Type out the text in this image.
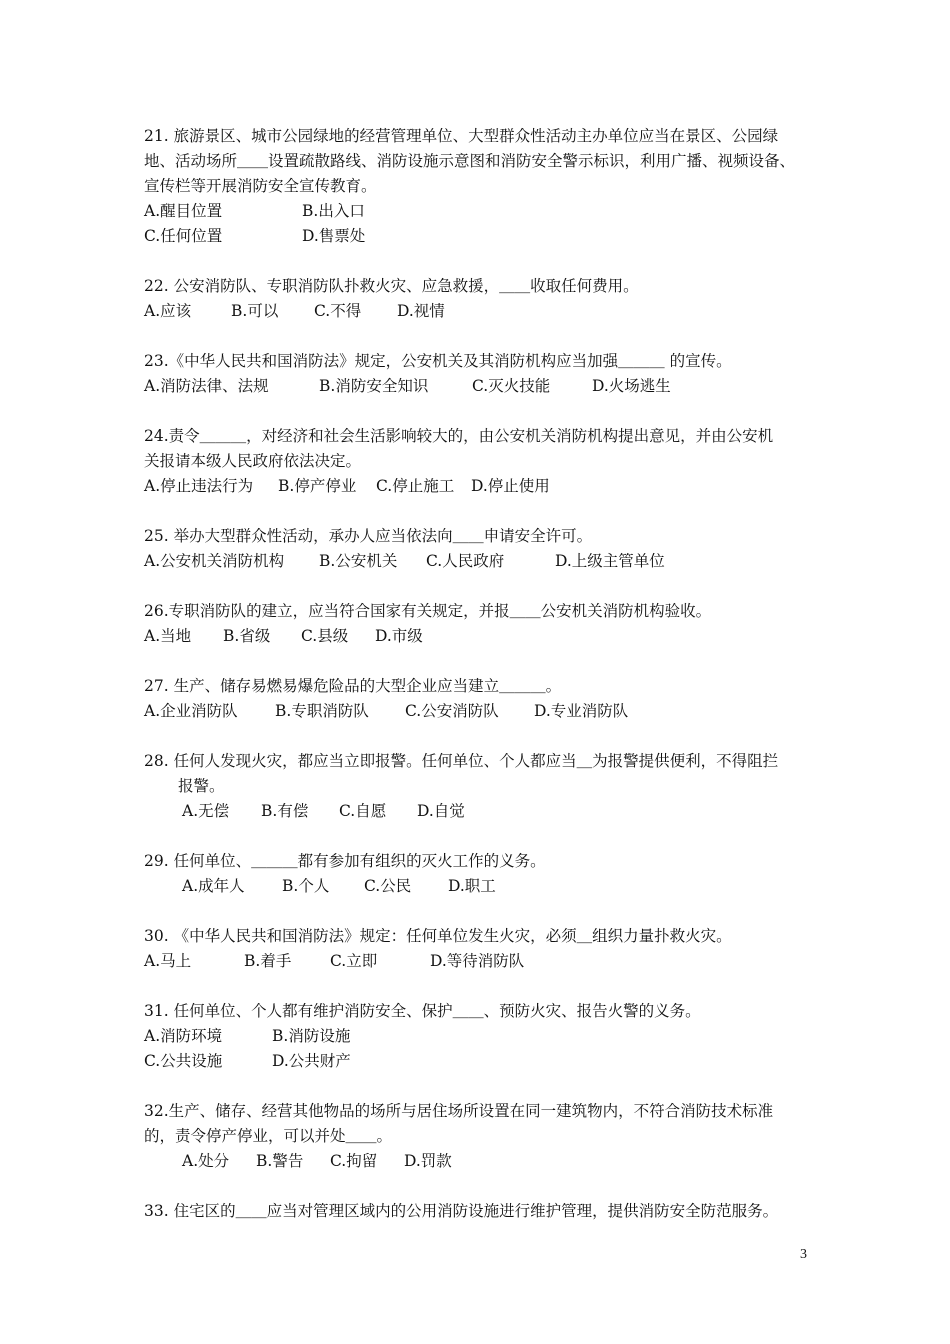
21. 旅游景区、城市公园绿地的经营管理单位、大型群众性活动主办单位应当在景区、公园绿
地、活动场所＿＿设置疏散路线、消防设施示意图和消防安全警示标识，利用广播、视频设备、
宣传栏等开展消防安全宣传教育。
A.醒目位置	B.出入口
C.任何位置	D.售票处
22. 公安消防队、专职消防队扑救火灾、应急救援，＿＿收取任何费用。
A.应该	B.可以 C.不得 D.视情
23.《中华人民共和国消防法》规定，公安机关及其消防机构应当加强＿＿＿ 的宣传。
A.消防法律、法规	B.消防安全知识	C.灭火技能	D.火场逃生
24.责令＿＿＿，对经济和社会生活影响较大的，由公安机关消防机构提出意见，并由公安机
关报请本级人民政府依法决定。
A.停止违法行为 B.停产停业 C.停止施工 D.停止使用
25. 举办大型群众性活动，承办人应当依法向＿＿申请安全许可。
A.公安机关消防机构 B.公安机关 C.人民政府	D.上级主管单位
26.专职消防队的建立，应当符合国家有关规定，并报＿＿公安机关消防机构验收。
A.当地 B.省级 C.县级 D.市级
27. 生产、储存易燃易爆危险品的大型企业应当建立＿＿＿。
A.企业消防队 B.专职消防队 C.公安消防队 D.专业消防队
28. 任何人发现火灾，都应当立即报警。任何单位、个人都应当＿为报警提供便利，不得阻拦
报警。
A.无偿 B.有偿 C.自愿 D.自觉
29. 任何单位、＿＿＿都有参加有组织的灭火工作的义务。
A.成年人 B.个人 C.公民 D.职工
30. 《中华人民共和国消防法》规定：任何单位发生火灾，必须＿组织力量扑救火灾。
A.马上	B.着手 C.立即	D.等待消防队
31. 任何单位、个人都有维护消防安全、保护＿＿、预防火灾、报告火警的义务。
A.消防环境	B.消防设施
C.公共设施	D.公共财产
32.生产、储存、经营其他物品的场所与居住场所设置在同一建筑物内，不符合消防技术标准
的，责令停产停业，可以并处＿＿。
A.处分 B.警告 C.拘留 D.罚款
33. 住宅区的＿＿应当对管理区域内的公用消防设施进行维护管理，提供消防安全防范服务。
3
